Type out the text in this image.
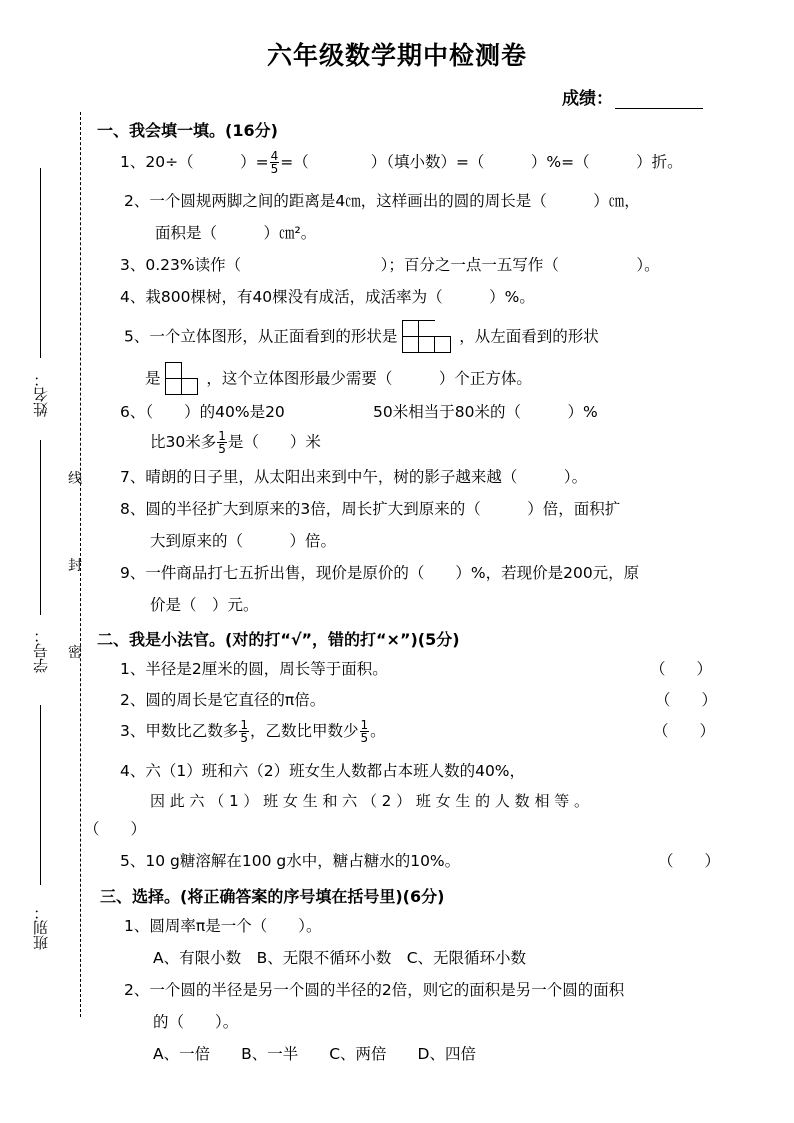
六年级数学期中检测卷
成绩：
姓名：
学号：
班别：
线
封
密
一、我会填一填。(16分)
1、20÷（　　　）= $\frac{4}{5}$ =（　　　　）（填小数）=（　　　）%=（　　　）折。
2、一个圆规两脚之间的距离是4㎝，这样画出的圆的周长是（　　　）㎝，
面积是（　　　）㎝²。
3、0.23%读作（　　　　　　　　　）；百分之一点一五写作（　　　　　）。
4、栽800棵树，有40棵没有成活，成活率为（　　　）%。
5、一个立体图形，从正面看到的形状是	，从左面看到的形状
是	，这个立体图形最少需要（　　　）个正方体。
6、（　　）的40%是20	50米相当于80米的（　　　）%
比30米多 $\frac{1}{5}$ 是（　　）米
7、晴朗的日子里，从太阳出来到中午，树的影子越来越（　　　）。
8、圆的半径扩大到原来的3倍，周长扩大到原来的（　　　）倍，面积扩
大到原来的（　　　）倍。
9、一件商品打七五折出售，现价是原价的（　　）%，若现价是200元，原
价是（　）元。
二、我是小法官。(对的打“√”，错的打“×”)(5分)
1、半径是2厘米的圆，周长等于面积。	（　　）
2、圆的周长是它直径的π倍。	（　　）
3、甲数比乙数多 $\frac{1}{5}$ ，乙数比甲数少 $\frac{1}{5}$ 。	（　　）
4、六（1）班和六（2）班女生人数都占本班人数的40%，
因 此 六 （ 1 ） 班 女 生 和 六 （ 2 ） 班 女 生 的 人 数 相 等 。
（　　）
5、10 g糖溶解在100 g水中，糖占糖水的10%。	（　　）
三、选择。(将正确答案的序号填在括号里)(6分)
1、圆周率π是一个（　　）。
A、有限小数　B、无限不循环小数　C、无限循环小数
2、一个圆的半径是另一个圆的半径的2倍，则它的面积是另一个圆的面积
的（　　）。
A、一倍　　B、一半　　C、两倍　　D、四倍
